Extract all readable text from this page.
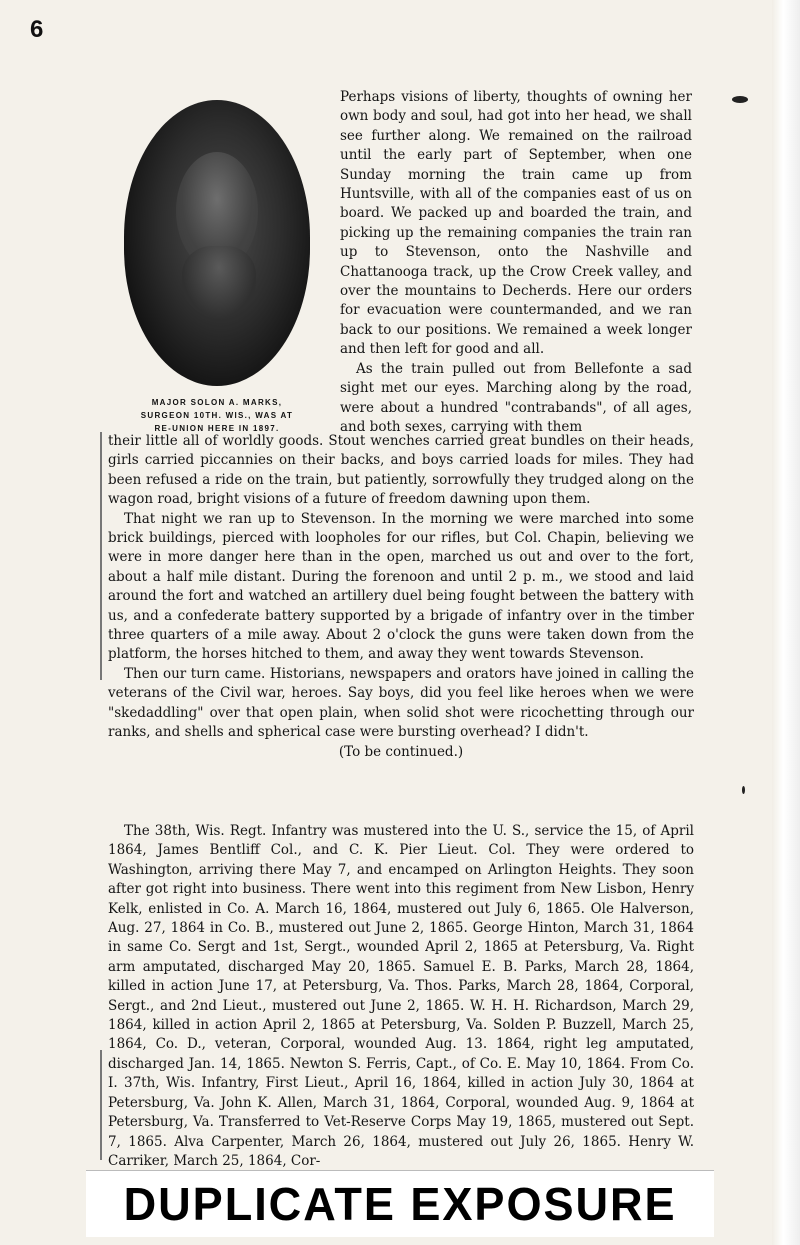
6
MAJOR SOLON A. MARKS,
SURGEON 10TH. WIS., WAS AT
RE-UNION HERE IN 1897.

Perhaps visions of liberty, thoughts of owning her own body and soul, had got into her head, we shall see further along. We remained on the railroad until the early part of September, when one Sunday morning the train came up from Huntsville, with all of the companies east of us on board. We packed up and boarded the train, and picking up the remaining companies the train ran up to Stevenson, onto the Nashville and Chattanooga track, up the Crow Creek valley, and over the mountains to Decherds. Here our orders for evacuation were countermanded, and we ran back to our positions. We remained a week longer and then left for good and all.

As the train pulled out from Bellefonte a sad sight met our eyes. Marching along by the road, were about a hundred "contrabands", of all ages, and both sexes, carrying with them

their little all of worldly goods. Stout wenches carried great bundles on their heads, girls carried piccannies on their backs, and boys carried loads for miles. They had been refused a ride on the train, but patiently, sorrowfully they trudged along on the wagon road, bright visions of a future of freedom dawning upon them.

That night we ran up to Stevenson. In the morning we were marched into some brick buildings, pierced with loopholes for our rifles, but Col. Chapin, believing we were in more danger here than in the open, marched us out and over to the fort, about a half mile distant. During the forenoon and until 2 p. m., we stood and laid around the fort and watched an artillery duel being fought between the battery with us, and a confederate battery supported by a brigade of infantry over in the timber three quarters of a mile away. About 2 o'clock the guns were taken down from the platform, the horses hitched to them, and away they went towards Stevenson.

Then our turn came. Historians, newspapers and orators have joined in calling the veterans of the Civil war, heroes. Say boys, did you feel like heroes when we were "skedaddling" over that open plain, when solid shot were ricochetting through our ranks, and shells and spherical case were bursting overhead? I didn't.

(To be continued.)

The 38th, Wis. Regt. Infantry was mustered into the U. S., service the 15, of April 1864, James Bentliff Col., and C. K. Pier Lieut. Col. They were ordered to Washington, arriving there May 7, and encamped on Arlington Heights. They soon after got right into business. There went into this regiment from New Lisbon, Henry Kelk, enlisted in Co. A. March 16, 1864, mustered out July 6, 1865. Ole Halverson, Aug. 27, 1864 in Co. B., mustered out June 2, 1865. George Hinton, March 31, 1864 in same Co. Sergt and 1st, Sergt., wounded April 2, 1865 at Petersburg, Va. Right arm amputated, discharged May 20, 1865. Samuel E. B. Parks, March 28, 1864, killed in action June 17, at Petersburg, Va. Thos. Parks, March 28, 1864, Corporal, Sergt., and 2nd Lieut., mustered out June 2, 1865. W. H. H. Richardson, March 29, 1864, killed in action April 2, 1865 at Petersburg, Va. Solden P. Buzzell, March 25, 1864, Co. D., veteran, Corporal, wounded Aug. 13. 1864, right leg amputated, discharged Jan. 14, 1865. Newton S. Ferris, Capt., of Co. E. May 10, 1864. From Co. I. 37th, Wis. Infantry, First Lieut., April 16, 1864, killed in action July 30, 1864 at Petersburg, Va. John K. Allen, March 31, 1864, Corporal, wounded Aug. 9, 1864 at Petersburg, Va. Transferred to Vet-Reserve Corps May 19, 1865, mustered out Sept. 7, 1865. Alva Carpenter, March 26, 1864, mustered out July 26, 1865. Henry W. Carriker, March 25, 1864, Cor-

DUPLICATE EXPOSURE
